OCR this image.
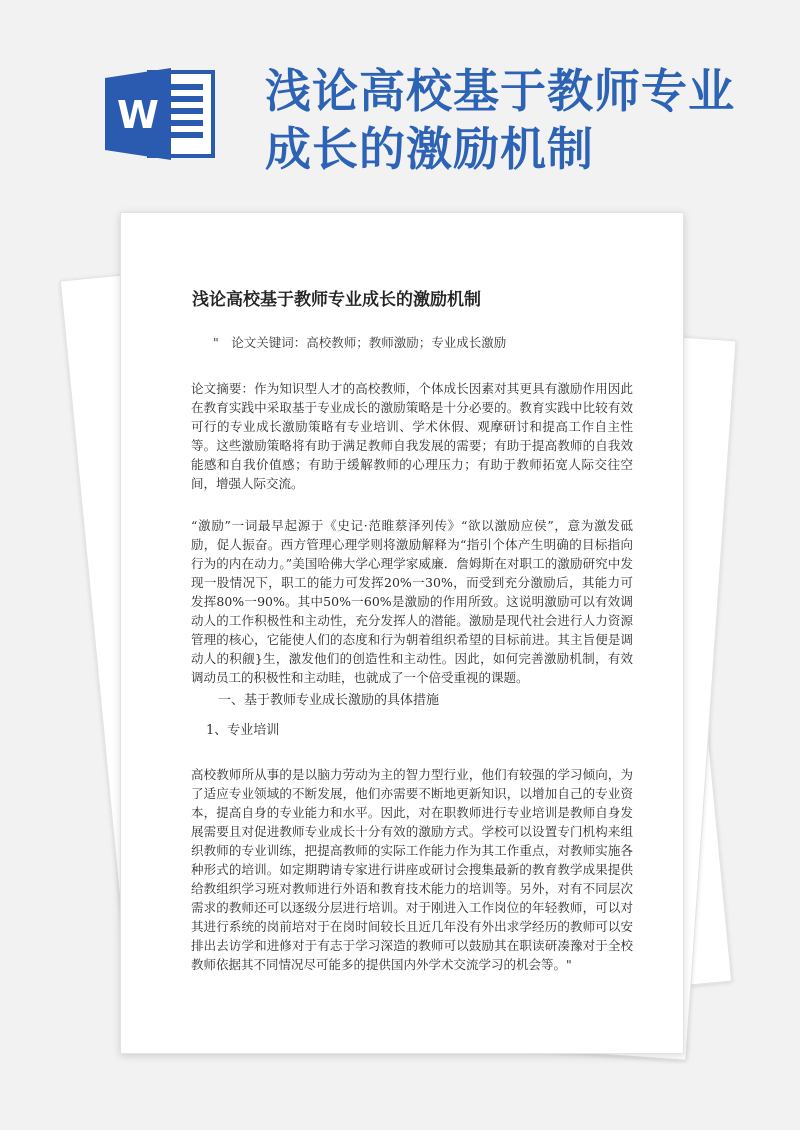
W 浅论高校基于教师专业
成长的激励机制
浅论高校基于教师专业成长的激励机制
"　论文关键词：高校教师；教师激励；专业成长激励
论文摘要：作为知识型人才的高校教师，个体成长因素对其更具有激励作用因此在教育实践中采取基于专业成长的激励策略是十分必要的。教育实践中比较有效可行的专业成长激励策略有专业培训、学术休假、观摩研讨和提高工作自主性等。这些激励策略将有助于满足教师自我发展的需要；有助于提高教师的自我效能感和自我价值感；有助于缓解教师的心理压力；有助于教师拓宽人际交往空间，增强人际交流。
“激励”一词最早起源于《史记·范睢蔡泽列传》“欲以激励应侯”，意为激发砥励，促人振奋。西方管理心理学则将激励解释为“指引个体产生明确的目标指向行为的内在动力。”美国哈佛大学心理学家威廉．詹姆斯在对职工的激励研究中发现一股情况下，职工的能力可发挥20%一30%，而受到充分激励后，其能力可发挥80%一90%。其中50%一60%是激励的作用所致。这说明激励可以有效调动人的工作积极性和主动性，充分发挥人的潜能。激励是现代社会进行人力资源管理的核心，它能使人们的态度和行为朝着组织希望的目标前进。其主旨便是调动人的积觎}生，激发他们的创造性和主动性。因此，如何完善激励机制，有效调动员工的积极性和主动眭，也就成了一个倍受重视的课题。
一、基于教师专业成长激励的具体措施
1、专业培训
高校教师所从事的是以脑力劳动为主的智力型行业，他们有较强的学习倾向，为了适应专业领域的不断发展，他们亦需要不断地更新知识，以增加自己的专业资本，提高自身的专业能力和水平。因此，对在职教师进行专业培训是教师自身发展需要且对促进教师专业成长十分有效的激励方式。学校可以设置专门机构来组织教师的专业训练，把提高教师的实际工作能力作为其工作重点，对教师实施各种形式的培训。如定期聘请专家进行讲座或研讨会搜集最新的教育教学成果提供给教组织学习班对教师进行外语和教育技术能力的培训等。另外，对有不同层次需求的教师还可以逐级分层进行培训。对于刚进入工作岗位的年轻教师，可以对其进行系统的岗前培对于在岗时间较长且近几年没有外出求学经历的教师可以安排出去访学和进修对于有志于学习深造的教师可以鼓励其在职读研凑豫对于全校教师依据其不同情况尽可能多的提供国内外学术交流学习的机会等。"
